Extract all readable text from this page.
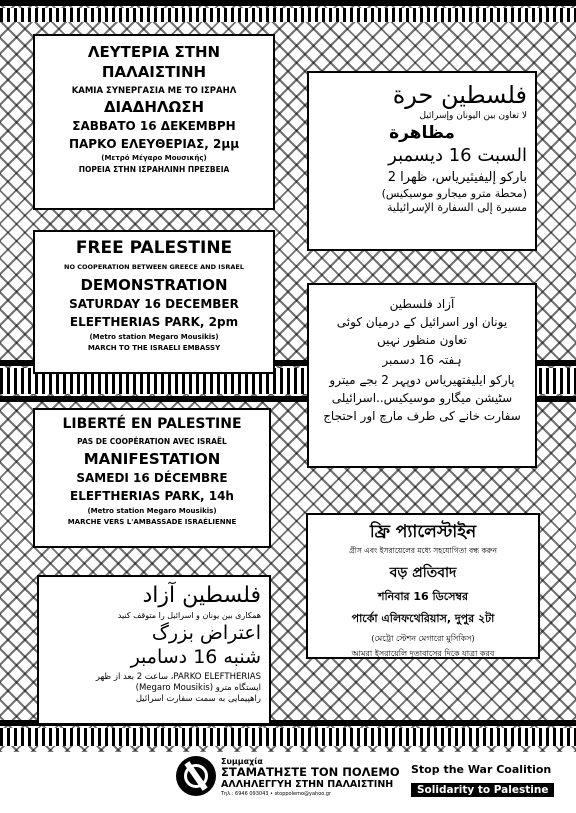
ΛΕΥΤΕΡΙΑ ΣΤΗΝ ΠΑΛΑΙΣΤΙΝΗ
ΚΑΜΙΑ ΣΥΝΕΡΓΑΣΙΑ ΜΕ ΤΟ ΙΣΡΑΗΛ
ΔΙΑΔΗΛΩΣΗ
ΣΑΒΒΑΤΟ 16 ΔΕΚΕΜΒΡΗ
ΠΑΡΚΟ ΕΛΕΥΘΕΡΙΑΣ, 2μμ
(Μετρό Μέγαρο Μουσικής)
ΠΟΡΕΙΑ ΣΤΗΝ ΙΣΡΑΗΛΙΝΗ ΠΡΕΣΒΕΙΑ
فلسطين حرة
لا تعاون بين اليونان وإسرائيل
مظاهرة
السبت 16 ديسمبر
باركو إليفيثيرياس، ظهرا 2
(محطة مترو ميجارو موسيكيس)
مسيرة إلى السفارة الإسرائيلية
FREE PALESTINE
NO COOPERATION BETWEEN GREECE AND ISRAEL
DEMONSTRATION
SATURDAY 16 DECEMBER
ELEFTHERIAS PARK, 2pm
(Metro station Megaro Mousikis)
MARCH TO THE ISRAELI EMBASSY
آزاد فلسطین
یونان اور اسرائیل کے درمیان کوئی تعاون منظور نہیں
ہفتہ 16 دسمبر
پارکو ایلیفتھیریاس دوپہر 2 بجے میترو سٹیشن میگارو موسیکیس..اسرائیلی سفارت خانے کی طرف مارچ اور احتجاج
LIBERTÉ EN PALESTINE
PAS DE COOPÉRATION AVEC ISRAËL
MANIFESTATION
SAMEDI 16 DÉCEMBRE
ELEFTHERIAS PARK, 14h
(Metro station Megaro Mousikis)
MARCHE VERS L'AMBASSADE ISRAÉLIENNE	ফ্রি প্যালেস্টাইন
গ্রীস এবং ইসরায়েলের মধ্যে সহযোগিতা বন্ধ করুন
বড় প্রতিবাদ
শনিবার 16 ডিসেম্বর
পার্কো এলিফথেরিয়াস, দুপুর ২টা
(মেট্রো স্টেশন মেগারো মুসিকিস)
আমরা ইসরায়েলি দূতাবাসের দিকে যাত্রা করব
فلسطین آزاد
همکاری بین یونان و اسرائیل را متوقف کنید
اعتراض بزرگ
شنبه 16 دسامبر
PARKO ELEFTHERIAS، ساعت 2 بعد از ظهر
ایستگاه مترو (Megaro Mousikis)
راهپیمایی به سمت سفارت اسرائیل
Συμμαχία
ΣΤΑΜΑΤΗΣΤΕ ΤΟΝ ΠΟΛΕΜΟ
ΑΛΛΗΛΕΓΓΥΗ ΣΤΗΝ ΠΑΛΑΙΣΤΙΝΗ
Τηλ.: 6946 093043 • stoppolemo@yahoo.gr
Stop the War Coalition
Solidarity to Palestine
